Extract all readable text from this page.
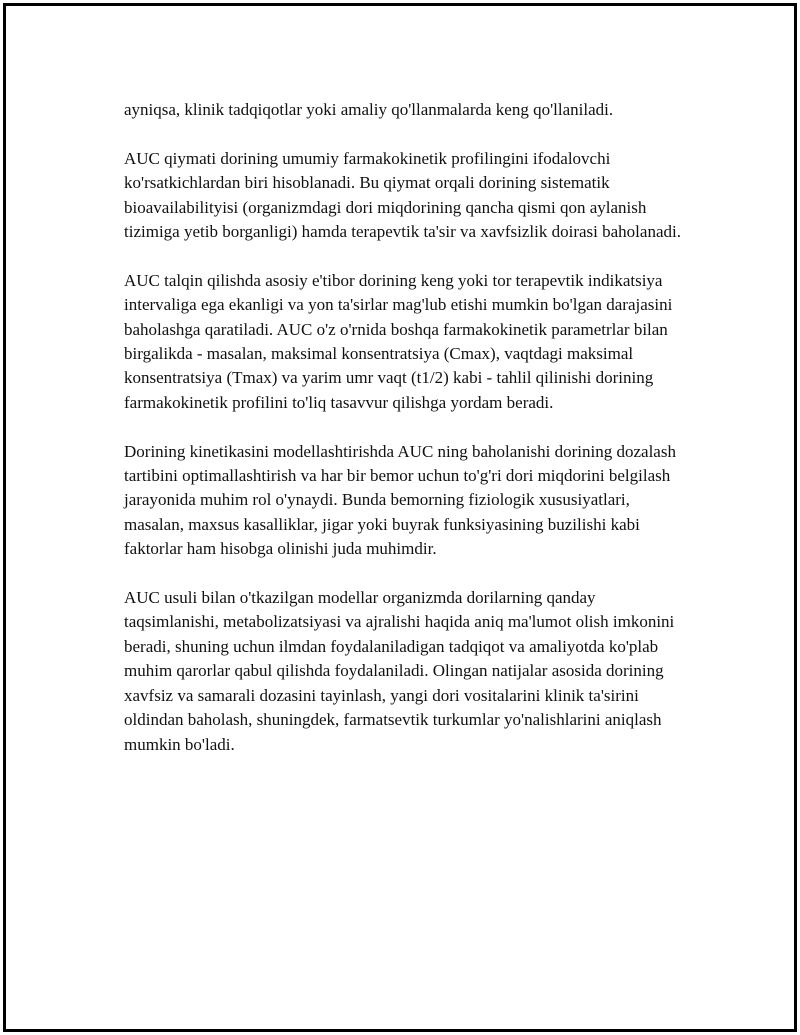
ayniqsa, klinik tadqiqotlar yoki amaliy qo'llanmalarda keng qo'llaniladi.

AUC qiymati dorining umumiy farmakokinetik profilingini ifodalovchi ko'rsatkichlardan biri hisoblanadi. Bu qiymat orqali dorining sistematik bioavailabilityisi (organizmdagi dori miqdorining qancha qismi qon aylanish tizimiga yetib borganligi) hamda terapevtik ta'sir va xavfsizlik doirasi baholanadi.

AUC talqin qilishda asosiy e'tibor dorining keng yoki tor terapevtik indikatsiya intervaliga ega ekanligi va yon ta'sirlar mag'lub etishi mumkin bo'lgan darajasini baholashga qaratiladi. AUC o'z o'rnida boshqa farmakokinetik parametrlar bilan birgalikda - masalan, maksimal konsentratsiya (Cmax), vaqtdagi maksimal konsentratsiya (Tmax) va yarim umr vaqt (t1/2) kabi - tahlil qilinishi dorining farmakokinetik profilini to'liq tasavvur qilishga yordam beradi.

Dorining kinetikasini modellashtirishda AUC ning baholanishi dorining dozalash tartibini optimallashtirish va har bir bemor uchun to'g'ri dori miqdorini belgilash jarayonida muhim rol o'ynaydi. Bunda bemorning fiziologik xususiyatlari, masalan, maxsus kasalliklar, jigar yoki buyrak funksiyasining buzilishi kabi faktorlar ham hisobga olinishi juda muhimdir.

AUC usuli bilan o'tkazilgan modellar organizmda dorilarning qanday taqsimlanishi, metabolizatsiyasi va ajralishi haqida aniq ma'lumot olish imkonini beradi, shuning uchun ilmdan foydalaniladigan tadqiqot va amaliyotda ko'plab muhim qarorlar qabul qilishda foydalaniladi. Olingan natijalar asosida dorining xavfsiz va samarali dozasini tayinlash, yangi dori vositalarini klinik ta'sirini oldindan baholash, shuningdek, farmatsevtik turkumlar yo'nalishlarini aniqlash mumkin bo'ladi.
